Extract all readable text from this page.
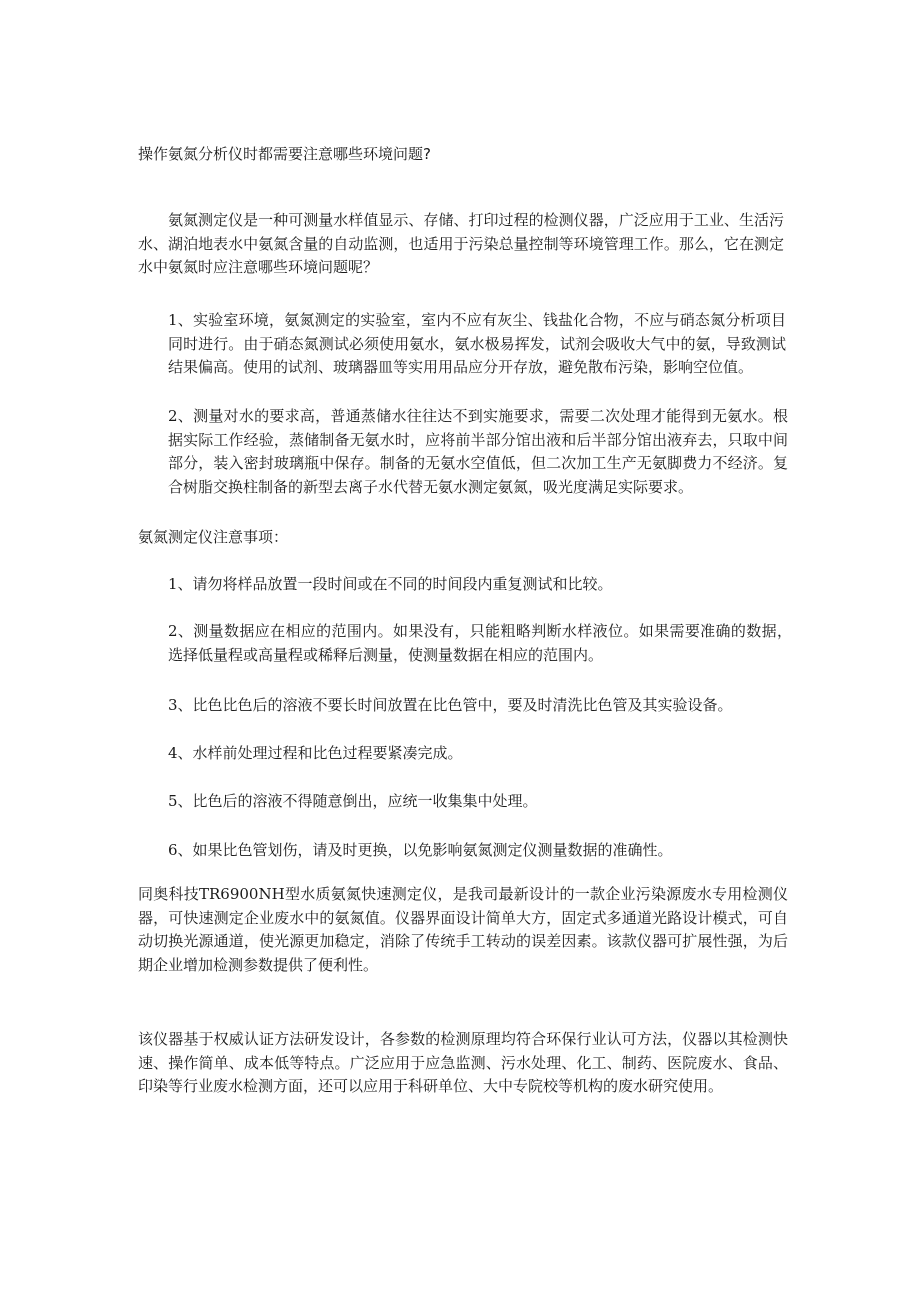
操作氨氮分析仪时都需要注意哪些环境问题?

氨氮测定仪是一种可测量水样值显示、存储、打印过程的检测仪器，广泛应用于工业、生活污水、湖泊地表水中氨氮含量的自动监测，也适用于污染总量控制等环境管理工作。那么，它在测定水中氨氮时应注意哪些环境问题呢？

1、实验室环境，氨氮测定的实验室，室内不应有灰尘、钱盐化合物，不应与硝态氮分析项目同时进行。由于硝态氮测试必须使用氨水，氨水极易挥发，试剂会吸收大气中的氨，导致测试结果偏高。使用的试剂、玻璃器皿等实用用品应分开存放，避免散布污染，影响空位值。

2、测量对水的要求高，普通蒸储水往往达不到实施要求，需要二次处理才能得到无氨水。根据实际工作经验，蒸储制备无氨水时，应将前半部分馆出液和后半部分馆出液弃去，只取中间部分，装入密封玻璃瓶中保存。制备的无氨水空值低，但二次加工生产无氨脚费力不经济。复合树脂交换柱制备的新型去离子水代替无氨水测定氨氮，吸光度满足实际要求。

氨氮测定仪注意事项：

1、请勿将样品放置一段时间或在不同的时间段内重复测试和比较。

2、测量数据应在相应的范围内。如果没有，只能粗略判断水样液位。如果需要准确的数据，选择低量程或高量程或稀释后测量，使测量数据在相应的范围内。

3、比色比色后的溶液不要长时间放置在比色管中，要及时清洗比色管及其实验设备。

4、水样前处理过程和比色过程要紧凑完成。

5、比色后的溶液不得随意倒出，应统一收集集中处理。

6、如果比色管划伤，请及时更换，以免影响氨氮测定仪测量数据的准确性。

同奥科技TR6900NH型水质氨氮快速测定仪，是我司最新设计的一款企业污染源废水专用检测仪器，可快速测定企业废水中的氨氮值。仪器界面设计简单大方，固定式多通道光路设计模式，可自动切换光源通道，使光源更加稳定，消除了传统手工转动的误差因素。该款仪器可扩展性强，为后期企业增加检测参数提供了便利性。

该仪器基于权威认证方法研发设计，各参数的检测原理均符合环保行业认可方法，仪器以其检测快速、操作简单、成本低等特点。广泛应用于应急监测、污水处理、化工、制药、医院废水、食品、印染等行业废水检测方面，还可以应用于科研单位、大中专院校等机构的废水研究使用。
